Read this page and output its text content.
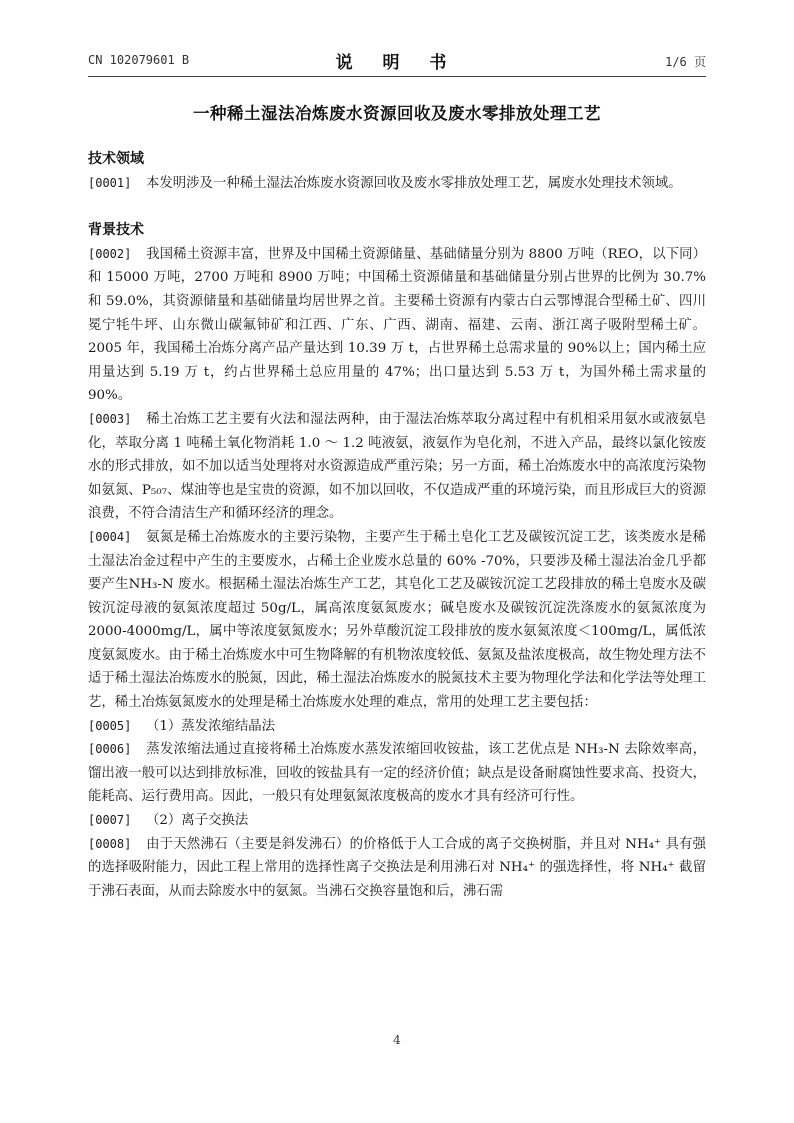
CN 102079601 B	说 明 书	1/6 页
一种稀土湿法冶炼废水资源回收及废水零排放处理工艺
技术领域
[0001] 本发明涉及一种稀土湿法冶炼废水资源回收及废水零排放处理工艺，属废水处理技术领域。
背景技术
[0002] 我国稀土资源丰富，世界及中国稀土资源储量、基础储量分别为 8800 万吨（REO，以下同）和 15000 万吨，2700 万吨和 8900 万吨；中国稀土资源储量和基础储量分别占世界的比例为 30.7%和 59.0%，其资源储量和基础储量均居世界之首。主要稀土资源有内蒙古白云鄂博混合型稀土矿、四川冕宁牦牛坪、山东微山碳氟铈矿和江西、广东、广西、湖南、福建、云南、浙江离子吸附型稀土矿。2005 年，我国稀土冶炼分离产品产量达到 10.39 万 t，占世界稀土总需求量的 90%以上；国内稀土应用量达到 5.19 万 t，约占世界稀土总应用量的 47%；出口量达到 5.53 万 t，为国外稀土需求量的 90%。
[0003] 稀土冶炼工艺主要有火法和湿法两种，由于湿法冶炼萃取分离过程中有机相采用氨水或液氨皂化，萃取分离 1 吨稀土氧化物消耗 1.0 ～ 1.2 吨液氨，液氨作为皂化剂，不进入产品，最终以氯化铵废水的形式排放，如不加以适当处理将对水资源造成严重污染；另一方面，稀土冶炼废水中的高浓度污染物如氨氮、P₅₀₇、煤油等也是宝贵的资源，如不加以回收，不仅造成严重的环境污染，而且形成巨大的资源浪费，不符合清洁生产和循环经济的理念。
[0004] 氨氮是稀土冶炼废水的主要污染物，主要产生于稀土皂化工艺及碳铵沉淀工艺，该类废水是稀土湿法冶金过程中产生的主要废水，占稀土企业废水总量的 60% -70%，只要涉及稀土湿法冶金几乎都要产生NH₃-N 废水。根据稀土湿法冶炼生产工艺，其皂化工艺及碳铵沉淀工艺段排放的稀土皂废水及碳铵沉淀母液的氨氮浓度超过 50g/L，属高浓度氨氮废水；碱皂废水及碳铵沉淀洗涤废水的氨氮浓度为 2000-4000mg/L，属中等浓度氨氮废水；另外草酸沉淀工段排放的废水氨氮浓度＜100mg/L，属低浓度氨氮废水。由于稀土冶炼废水中可生物降解的有机物浓度较低、氨氮及盐浓度极高，故生物处理方法不适于稀土湿法冶炼废水的脱氮，因此，稀土湿法冶炼废水的脱氮技术主要为物理化学法和化学法等处理工艺，稀土冶炼氨氮废水的处理是稀土冶炼废水处理的难点，常用的处理工艺主要包括：
[0005] （1）蒸发浓缩结晶法
[0006] 蒸发浓缩法通过直接将稀土冶炼废水蒸发浓缩回收铵盐，该工艺优点是 NH₃-N 去除效率高，馏出液一般可以达到排放标准，回收的铵盐具有一定的经济价值；缺点是设备耐腐蚀性要求高、投资大，能耗高、运行费用高。因此，一般只有处理氨氮浓度极高的废水才具有经济可行性。
[0007] （2）离子交换法
[0008] 由于天然沸石（主要是斜发沸石）的价格低于人工合成的离子交换树脂，并且对 NH₄⁺ 具有强的选择吸附能力，因此工程上常用的选择性离子交换法是利用沸石对 NH₄⁺ 的强选择性，将 NH₄⁺ 截留于沸石表面，从而去除废水中的氨氮。当沸石交换容量饱和后，沸石需
4
